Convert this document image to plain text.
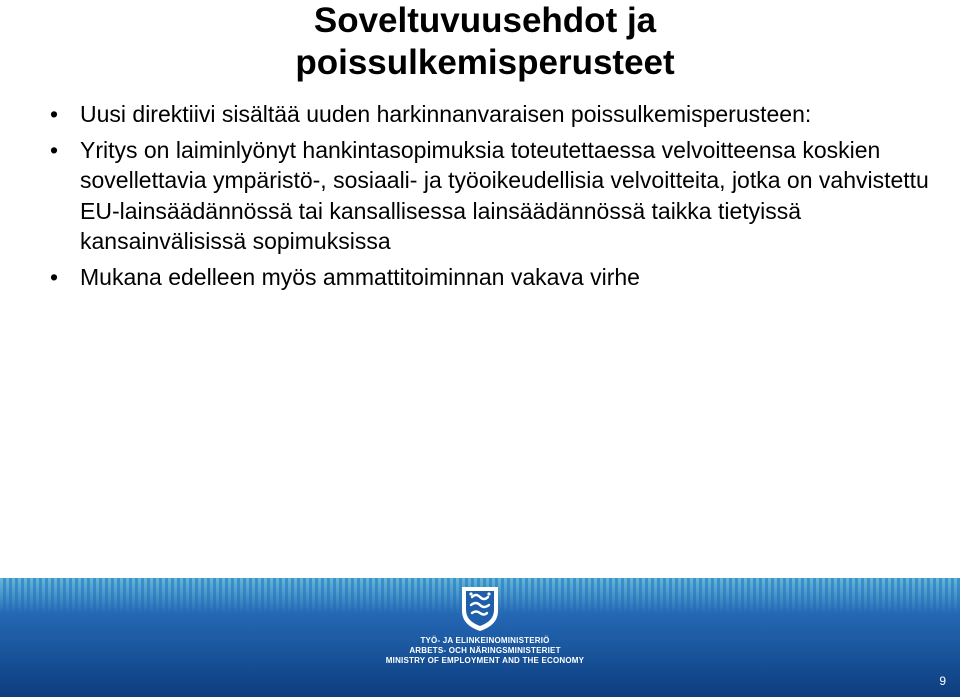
Soveltuvuusehdot ja
poissulkemisperusteet
•
Uusi direktiivi sisältää uuden harkinnanvaraisen poissulkemisperusteen:
•
Yritys on laiminlyönyt hankintasopimuksia toteutettaessa velvoitteensa koskien sovellettavia ympäristö-, sosiaali- ja työoikeudellisia velvoitteita, jotka on vahvistettu EU-lainsäädännössä tai kansallisessa lainsäädännössä taikka tietyissä kansainvälisissä sopimuksissa
•
Mukana edelleen myös ammattitoiminnan vakava virhe
TYÖ- JA ELINKEINOMINISTERIÖ
ARBETS- OCH NÄRINGSMINISTERIET
MINISTRY OF EMPLOYMENT AND THE ECONOMY
9
